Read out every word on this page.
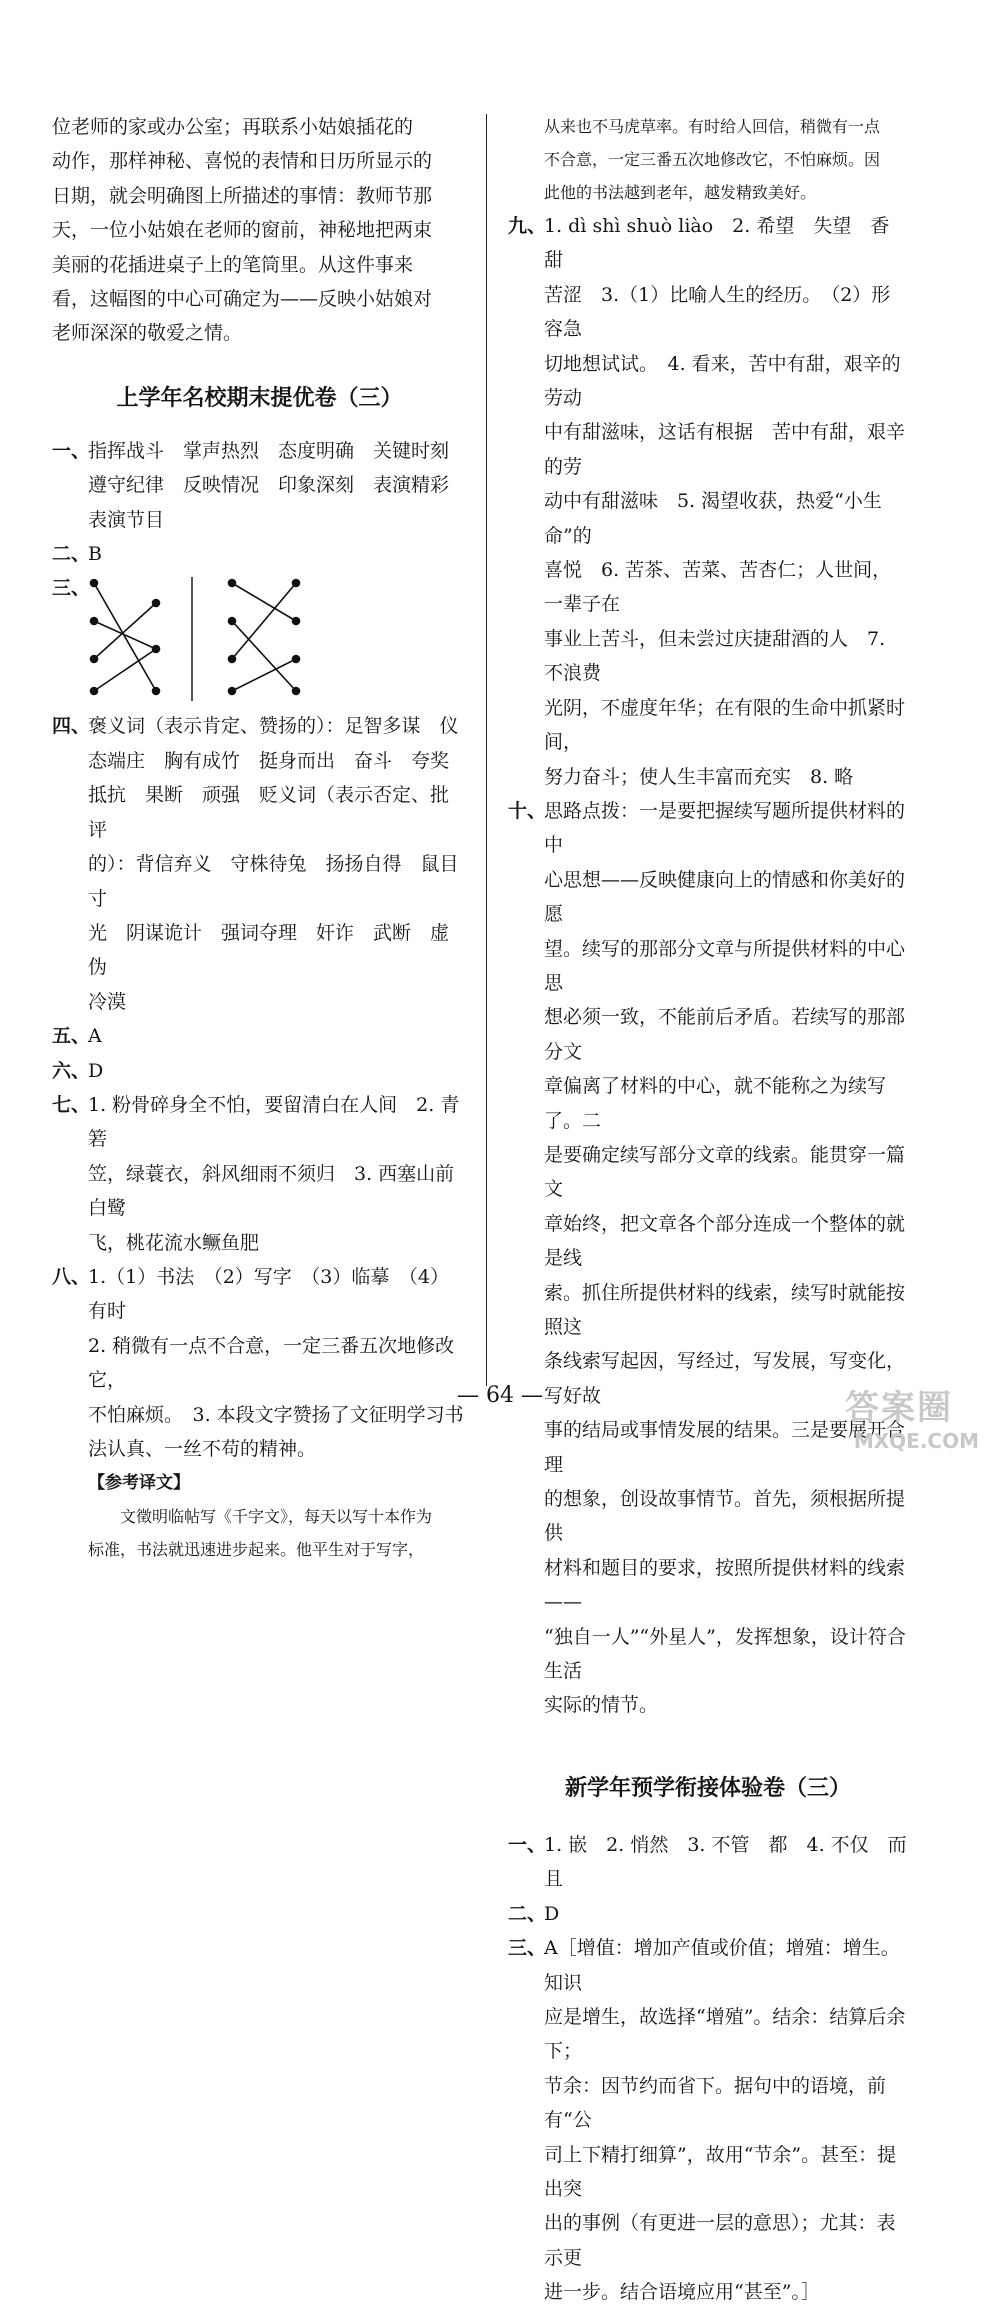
位老师的家或办公室；再联系小姑娘插花的

动作，那样神秘、喜悦的表情和日历所显示的

日期，就会明确图上所描述的事情：教师节那

天，一位小姑娘在老师的窗前，神秘地把两束

美丽的花插进桌子上的笔筒里。从这件事来

看，这幅图的中心可确定为——反映小姑娘对

老师深深的敬爱之情。

上学年名校期末提优卷（三）
一、
指挥战斗　掌声热烈　态度明确　关键时刻
遵守纪律　反映情况　印象深刻　表演精彩
表演节目
二、
B
三、
四、
褒义词（表示肯定、赞扬的）：足智多谋　仪
态端庄　胸有成竹　挺身而出　奋斗　夸奖
抵抗　果断　顽强　贬义词（表示否定、批评
的）：背信弃义　守株待兔　扬扬自得　鼠目寸
光　阴谋诡计　强词夺理　奸诈　武断　虚伪
冷漠
五、
A
六、
D
七、
1. 粉骨碎身全不怕，要留清白在人间　2. 青箬
笠，绿蓑衣，斜风细雨不须归　3. 西塞山前白鹭
飞，桃花流水鳜鱼肥
八、
1.（1）书法　（2）写字　（3）临摹　（4）有时
2. 稍微有一点不合意，一定三番五次地修改它，
不怕麻烦。　3. 本段文字赞扬了文征明学习书
法认真、一丝不苟的精神。
【参考译文】
文徵明临帖写《千字文》，每天以写十本作为
标准，书法就迅速进步起来。他平生对于写字，
从来也不马虎草率。有时给人回信，稍微有一点
不合意，一定三番五次地修改它，不怕麻烦。因
此他的书法越到老年，越发精致美好。
九、
1. dì shì shuò liào　2. 希望　失望　香甜
苦涩　3.（1）比喻人生的经历。　（2）形容急
切地想试试。　4. 看来，苦中有甜，艰辛的劳动
中有甜滋味，这话有根据　苦中有甜，艰辛的劳
动中有甜滋味　5. 渴望收获，热爱“小生命”的
喜悦　6. 苦茶、苦菜、苦杏仁；人世间，一辈子在
事业上苦斗，但未尝过庆捷甜酒的人　7. 不浪费
光阴，不虚度年华；在有限的生命中抓紧时间，
努力奋斗；使人生丰富而充实　8. 略
十、
思路点拨：一是要把握续写题所提供材料的中
心思想——反映健康向上的情感和你美好的愿
望。续写的那部分文章与所提供材料的中心思
想必须一致，不能前后矛盾。若续写的那部分文
章偏离了材料的中心，就不能称之为续写了。二
是要确定续写部分文章的线索。能贯穿一篇文
章始终，把文章各个部分连成一个整体的就是线
索。抓住所提供材料的线索，续写时就能按照这
条线索写起因，写经过，写发展，写变化，写好故
事的结局或事情发展的结果。三是要展开合理
的想象，创设故事情节。首先，须根据所提供
材料和题目的要求，按照所提供材料的线索——
“独自一人”“外星人”，发挥想象，设计符合生活
实际的情节。
新学年预学衔接体验卷（三）
一、
1. 嵌　2. 悄然　3. 不管　都　4. 不仅　而且
二、
D
三、
A［增值：增加产值或价值；增殖：增生。知识
应是增生，故选择“增殖”。结余：结算后余下；
节余：因节约而省下。据句中的语境，前有“公
司上下精打细算”，故用“节余”。甚至：提出突
出的事例（有更进一层的意思）；尤其：表示更
进一步。结合语境应用“甚至”。］
— 64 —	答案圈
MXQE.COM
